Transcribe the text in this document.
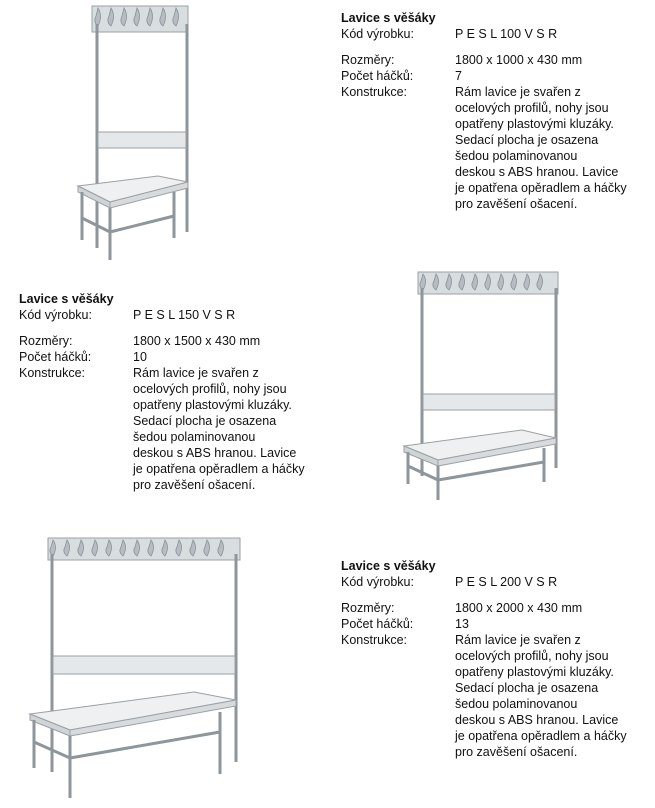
Lavice s věšáky
Kód výrobku:	P E S L 100 V S R
Rozměry:	1800 x 1000 x 430 mm
Počet háčků:	7
Konstrukce:	Rám lavice je svařen z
ocelových profilů, nohy jsou
opatřeny plastovými kluzáky.
Sedací plocha je osazena
šedou polaminovanou
deskou s ABS hranou. Lavice
je opatřena opěradlem a háčky
pro zavěšení ošacení.
Lavice s věšáky
Kód výrobku:	P E S L 150 V S R
Rozměry:	1800 x 1500 x 430 mm
Počet háčků:	10
Konstrukce:	Rám lavice je svařen z
ocelových profilů, nohy jsou
opatřeny plastovými kluzáky.
Sedací plocha je osazena
šedou polaminovanou
deskou s ABS hranou. Lavice
je opatřena opěradlem a háčky
pro zavěšení ošacení.
Lavice s věšáky
Kód výrobku:	P E S L 200 V S R
Rozměry:	1800 x 2000 x 430 mm
Počet háčků:	13
Konstrukce:	Rám lavice je svařen z
ocelových profilů, nohy jsou
opatřeny plastovými kluzáky.
Sedací plocha je osazena
šedou polaminovanou
deskou s ABS hranou. Lavice
je opatřena opěradlem a háčky
pro zavěšení ošacení.
